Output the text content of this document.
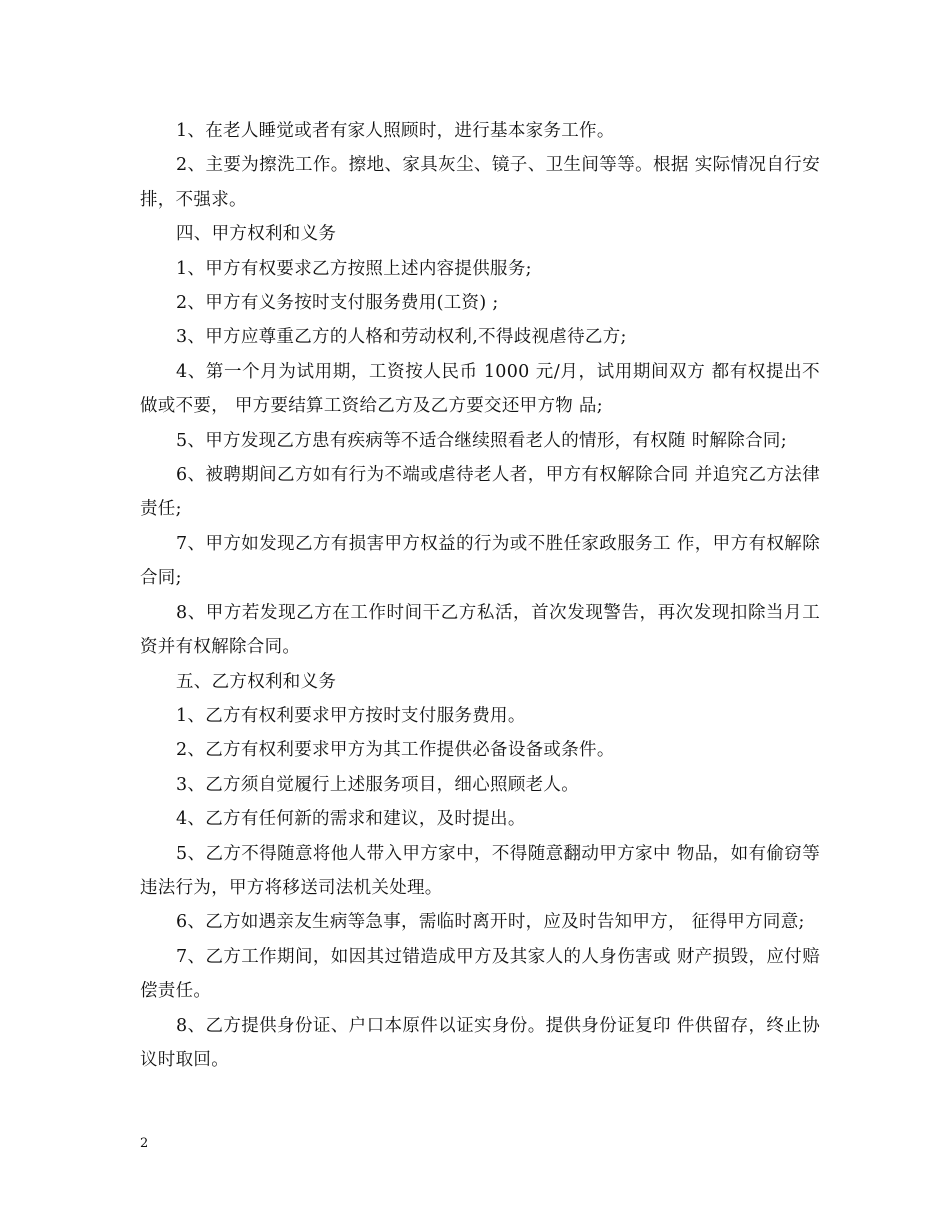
1、在老人睡觉或者有家人照顾时，进行基本家务工作。

2、主要为擦洗工作。擦地、家具灰尘、镜子、卫生间等等。根据 实际情况自行安排，不强求。

四、甲方权利和义务

1、甲方有权要求乙方按照上述内容提供服务;

2、甲方有义务按时支付服务费用(工资) ;

3、甲方应尊重乙方的人格和劳动权利,不得歧视虐待乙方;

4、第一个月为试用期，工资按人民币 1000 元/月，试用期间双方 都有权提出不做或不要， 甲方要结算工资给乙方及乙方要交还甲方物 品;

5、甲方发现乙方患有疾病等不适合继续照看老人的情形，有权随 时解除合同;

6、被聘期间乙方如有行为不端或虐待老人者，甲方有权解除合同 并追究乙方法律责任;

7、甲方如发现乙方有损害甲方权益的行为或不胜任家政服务工 作，甲方有权解除合同;

8、甲方若发现乙方在工作时间干乙方私活，首次发现警告，再次发现扣除当月工资并有权解除合同。

五、乙方权利和义务

1、乙方有权利要求甲方按时支付服务费用。

2、乙方有权利要求甲方为其工作提供必备设备或条件。

3、乙方须自觉履行上述服务项目，细心照顾老人。

4、乙方有任何新的需求和建议，及时提出。

5、乙方不得随意将他人带入甲方家中，不得随意翻动甲方家中 物品，如有偷窃等违法行为，甲方将移送司法机关处理。

6、乙方如遇亲友生病等急事，需临时离开时，应及时告知甲方， 征得甲方同意;

7、乙方工作期间，如因其过错造成甲方及其家人的人身伤害或 财产损毁，应付赔偿责任。

8、乙方提供身份证、户口本原件以证实身份。提供身份证复印 件供留存，终止协议时取回。

2
